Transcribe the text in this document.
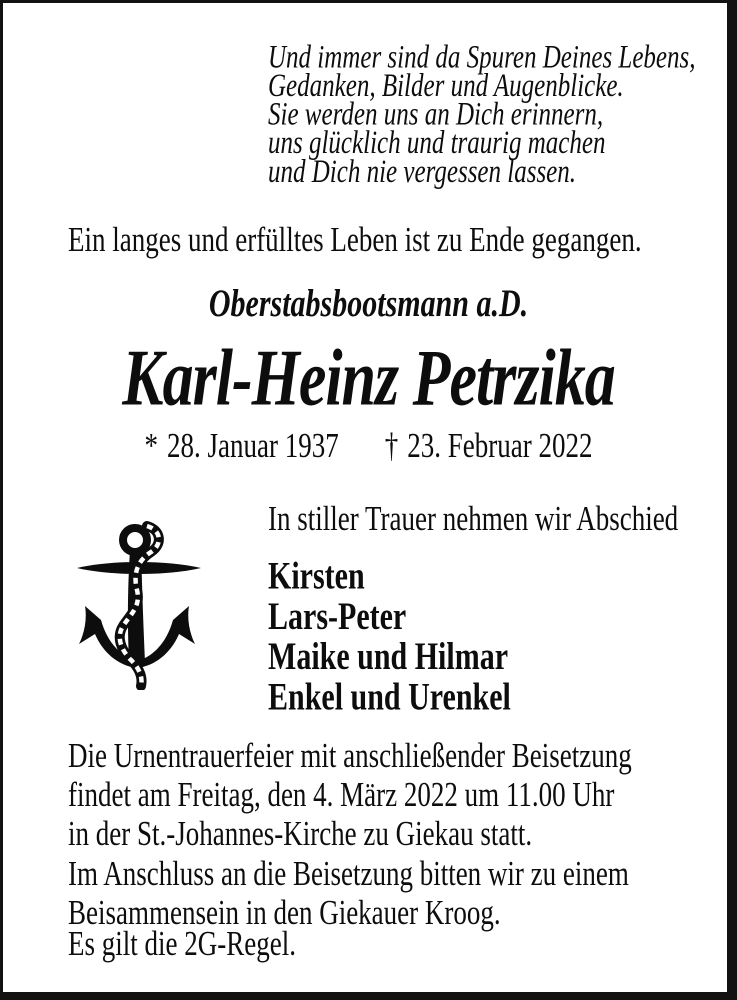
Und immer sind da Spuren Deines Lebens,
Gedanken, Bilder und Augenblicke.
Sie werden uns an Dich erinnern,
uns glücklich und traurig machen
und Dich nie vergessen lassen.
Ein langes und erfülltes Leben ist zu Ende gegangen.
Oberstabsbootsmann a.D.
Karl-Heinz Petrzika
* 28. Januar 1937 † 23. Februar 2022
In stiller Trauer nehmen wir Abschied
Kirsten
Lars-Peter
Maike und Hilmar
Enkel und Urenkel
Die Urnentrauerfeier mit anschließender Beisetzung
findet am Freitag, den 4. März 2022 um 11.00 Uhr
in der St.-Johannes-Kirche zu Giekau statt.
Im Anschluss an die Beisetzung bitten wir zu einem
Beisammensein in den Giekauer Kroog.
Es gilt die 2G-Regel.
